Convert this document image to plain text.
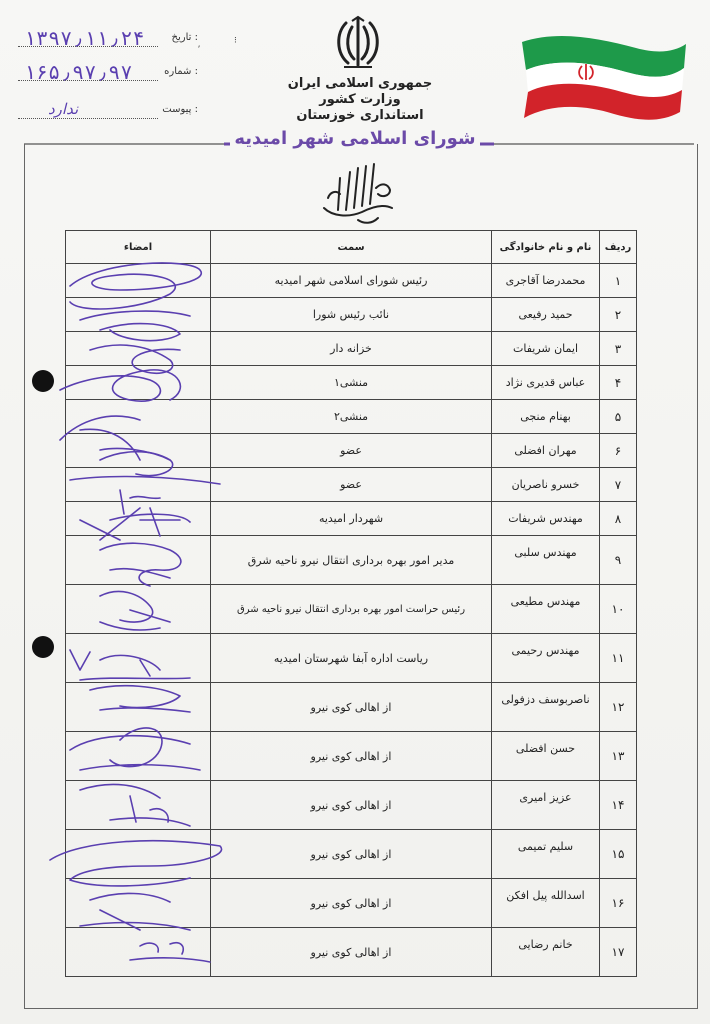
۱۳۹۷٫۱۱٫۲۴	تاریخ :
۱۶۵٫۹۷٫۹۷	شماره :
ندارد	پیوست :
⸴	⁝
جمهوری اسلامی ایران
وزارت کشور
استانداری خوزستان
شورای اسلامی شهر امیدیه
ردیف	نام و نام خانوادگی	سمت	امضاء
۱	محمدرضا آقاجری	رئیس شورای اسلامی شهر امیدیه	
۲	حمید رفیعی	نائب رئیس شورا	
۳	ایمان شریفات	خزانه دار	
۴	عباس قدیری نژاد	منشی۱	
۵	بهنام منجی	منشی۲	
۶	مهران افضلی	عضو	
۷	خسرو ناصریان	عضو	
۸	مهندس شریفات	شهردار امیدیه	
۹	مهندس سلبی	مدیر امور بهره برداری انتقال نیرو ناحیه شرق	
۱۰	مهندس مطیعی	رئیس حراست امور بهره برداری انتقال نیرو ناحیه شرق	
۱۱	مهندس رحیمی	ریاست اداره آبفا شهرستان امیدیه	
۱۲	ناصربوسف دزفولی	از اهالی کوی نیرو	
۱۳	حسن افضلی	از اهالی کوی نیرو	
۱۴	عزیز امیری	از اهالی کوی نیرو	
۱۵	سلیم تمیمی	از اهالی کوی نیرو	
۱۶	اسدالله پیل افکن	از اهالی کوی نیرو	
۱۷	خانم رضایی	از اهالی کوی نیرو	
